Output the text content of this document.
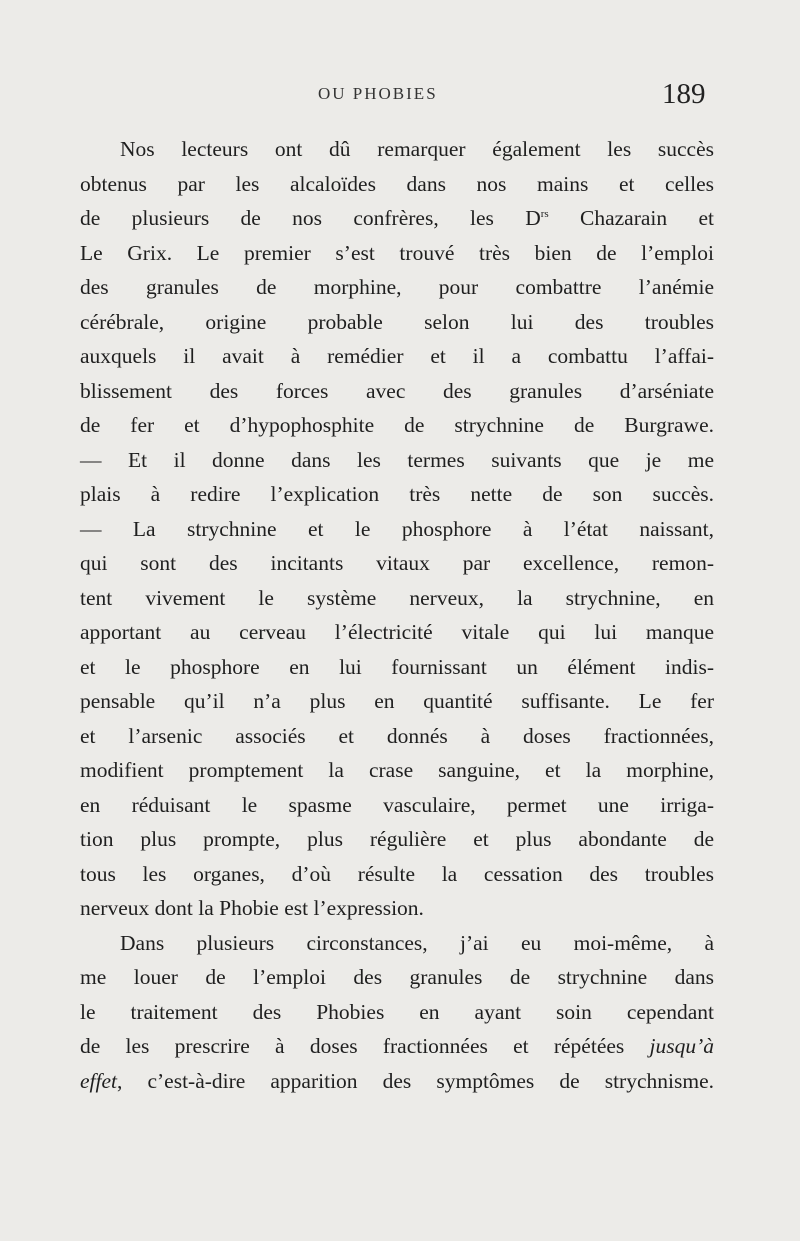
OU PHOBIES	189
Nos lecteurs ont dû remarquer également les succès
obtenus par les alcaloïdes dans nos mains et celles
de plusieurs de nos confrères, les $D^{rs}$ Chazarain et
Le Grix. Le premier s’est trouvé très bien de l’emploi
des granules de morphine, pour combattre l’anémie
cérébrale, origine probable selon lui des troubles
auxquels il avait à remédier et il a combattu l’affai-
blissement des forces avec des granules d’arséniate
de fer et d’hypophosphite de strychnine de Burgrawe.
— Et il donne dans les termes suivants que je me
plais à redire l’explication très nette de son succès.
— La strychnine et le phosphore à l’état naissant,
qui sont des incitants vitaux par excellence, remon-
tent vivement le système nerveux, la strychnine, en
apportant au cerveau l’électricité vitale qui lui manque
et le phosphore en lui fournissant un élément indis-
pensable qu’il n’a plus en quantité suffisante. Le fer
et l’arsenic associés et donnés à doses fractionnées,
modifient promptement la crase sanguine, et la morphine,
en réduisant le spasme vasculaire, permet une irriga-
tion plus prompte, plus régulière et plus abondante de
tous les organes, d’où résulte la cessation des troubles
nerveux dont la Phobie est l’expression.
Dans plusieurs circonstances, j’ai eu moi-même, à
me louer de l’emploi des granules de strychnine dans
le traitement des Phobies en ayant soin cependant
de les prescrire à doses fractionnées et répétées jusqu’à
effet, c’est-à-dire apparition des symptômes de strychnisme.
